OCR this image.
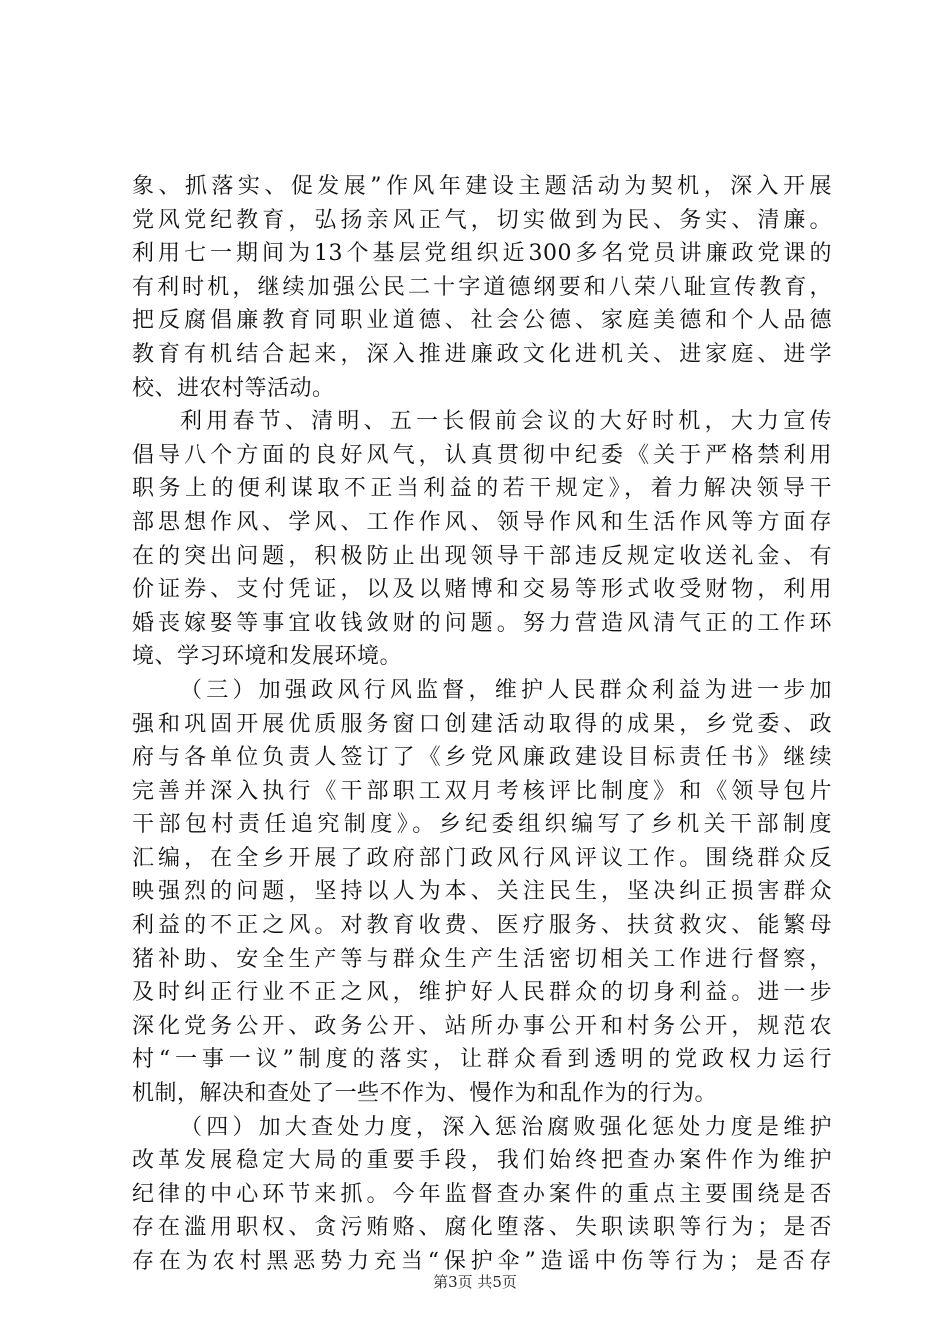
象、抓落实、促发展”作风年建设主题活动为契机，深入开展
党风党纪教育，弘扬亲风正气，切实做到为民、务实、清廉。
利用七一期间为13个基层党组织近300多名党员讲廉政党课的
有利时机，继续加强公民二十字道德纲要和八荣八耻宣传教育，
把反腐倡廉教育同职业道德、社会公德、家庭美德和个人品德
教育有机结合起来，深入推进廉政文化进机关、进家庭、进学
校、进农村等活动。
利用春节、清明、五一长假前会议的大好时机，大力宣传
倡导八个方面的良好风气，认真贯彻中纪委《关于严格禁利用
职务上的便利谋取不正当利益的若干规定》，着力解决领导干
部思想作风、学风、工作作风、领导作风和生活作风等方面存
在的突出问题，积极防止出现领导干部违反规定收送礼金、有
价证券、支付凭证，以及以赌博和交易等形式收受财物，利用
婚丧嫁娶等事宜收钱敛财的问题。努力营造风清气正的工作环
境、学习环境和发展环境。
（三）加强政风行风监督，维护人民群众利益为进一步加
强和巩固开展优质服务窗口创建活动取得的成果，乡党委、政
府与各单位负责人签订了《乡党风廉政建设目标责任书》继续
完善并深入执行《干部职工双月考核评比制度》和《领导包片
干部包村责任追究制度》。乡纪委组织编写了乡机关干部制度
汇编，在全乡开展了政府部门政风行风评议工作。围绕群众反
映强烈的问题，坚持以人为本、关注民生，坚决纠正损害群众
利益的不正之风。对教育收费、医疗服务、扶贫救灾、能繁母
猪补助、安全生产等与群众生产生活密切相关工作进行督察，
及时纠正行业不正之风，维护好人民群众的切身利益。进一步
深化党务公开、政务公开、站所办事公开和村务公开，规范农
村“一事一议”制度的落实，让群众看到透明的党政权力运行
机制，解决和查处了一些不作为、慢作为和乱作为的行为。
（四）加大查处力度，深入惩治腐败强化惩处力度是维护
改革发展稳定大局的重要手段，我们始终把查办案件作为维护
纪律的中心环节来抓。今年监督查办案件的重点主要围绕是否
存在滥用职权、贪污贿赂、腐化堕落、失职读职等行为；是否
存在为农村黑恶势力充当“保护伞”造谣中伤等行为；是否存
第3页 共5页
